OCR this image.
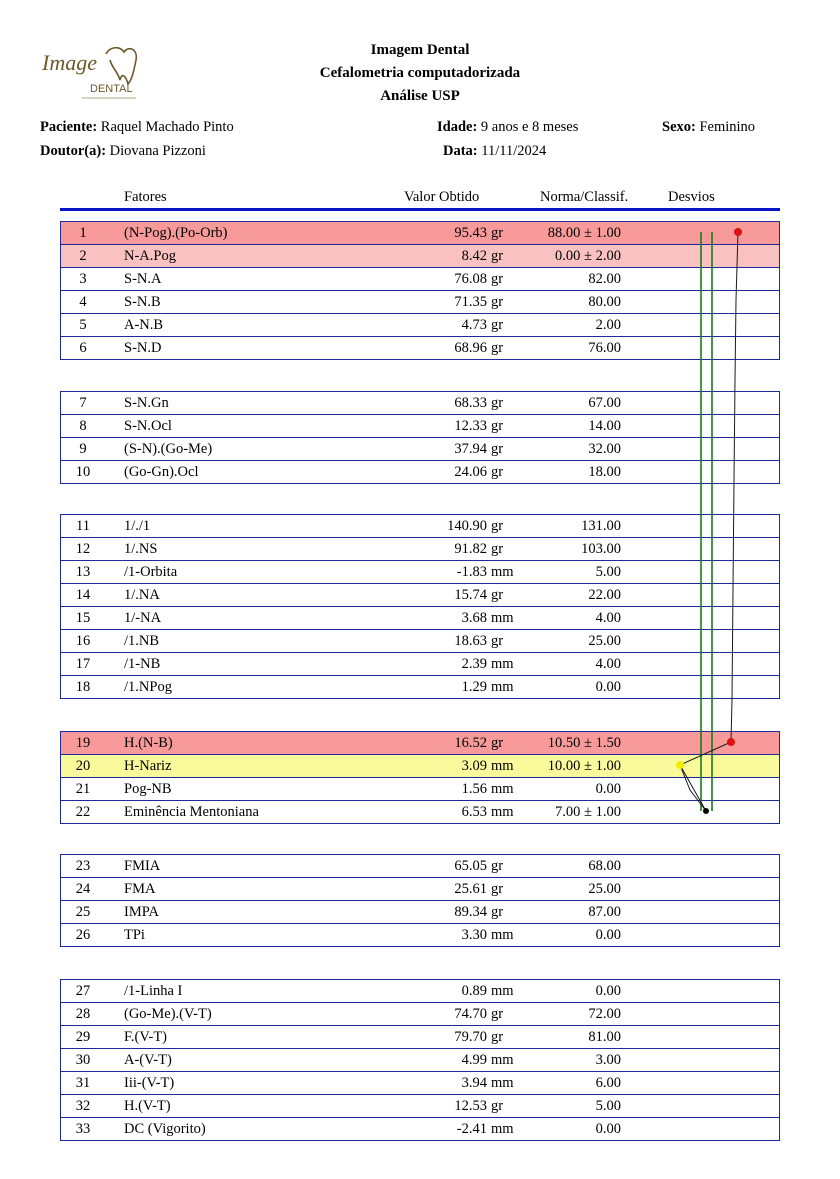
Image
DENTAL
Imagem Dental
Cefalometria computadorizada
Análise USP
Paciente: Raquel Machado Pinto	Idade: 9 anos e 8 meses	Sexo: Feminino
Doutor(a): Diovana Pizzoni	Data: 11/11/2024
Fatores	Valor Obtido	Norma/Classif.	Desvios
1	(N-Pog).(Po-Orb)	95.43 gr	88.00 ± 1.00
2	N-A.Pog	8.42 gr	0.00 ± 2.00
3	S-N.A	76.08 gr	82.00
4	S-N.B	71.35 gr	80.00
5	A-N.B	4.73 gr	2.00
6	S-N.D	68.96 gr	76.00
7	S-N.Gn	68.33 gr	67.00
8	S-N.Ocl	12.33 gr	14.00
9	(S-N).(Go-Me)	37.94 gr	32.00
10	(Go-Gn).Ocl	24.06 gr	18.00
11	1/./1	140.90 gr	131.00
12	1/.NS	91.82 gr	103.00
13	/1-Orbita	-1.83 mm	5.00
14	1/.NA	15.74 gr	22.00
15	1/-NA	3.68 mm	4.00
16	/1.NB	18.63 gr	25.00
17	/1-NB	2.39 mm	4.00
18	/1.NPog	1.29 mm	0.00
19	H.(N-B)	16.52 gr	10.50 ± 1.50
20	H-Nariz	3.09 mm 10.00 ± 1.00
21	Pog-NB	1.56 mm	0.00
22	Eminência Mentoniana	6.53 mm	7.00 ± 1.00
23	FMIA	65.05 gr	68.00
24	FMA	25.61 gr	25.00
25	IMPA	89.34 gr	87.00
26	TPi	3.30 mm	0.00
27	/1-Linha I	0.89 mm	0.00
28	(Go-Me).(V-T)	74.70 gr	72.00
29	F.(V-T)	79.70 gr	81.00
30	A-(V-T)	4.99 mm	3.00
31	Iii-(V-T)	3.94 mm	6.00
32	H.(V-T)	12.53 gr	5.00
33	DC (Vigorito)	-2.41 mm	0.00
